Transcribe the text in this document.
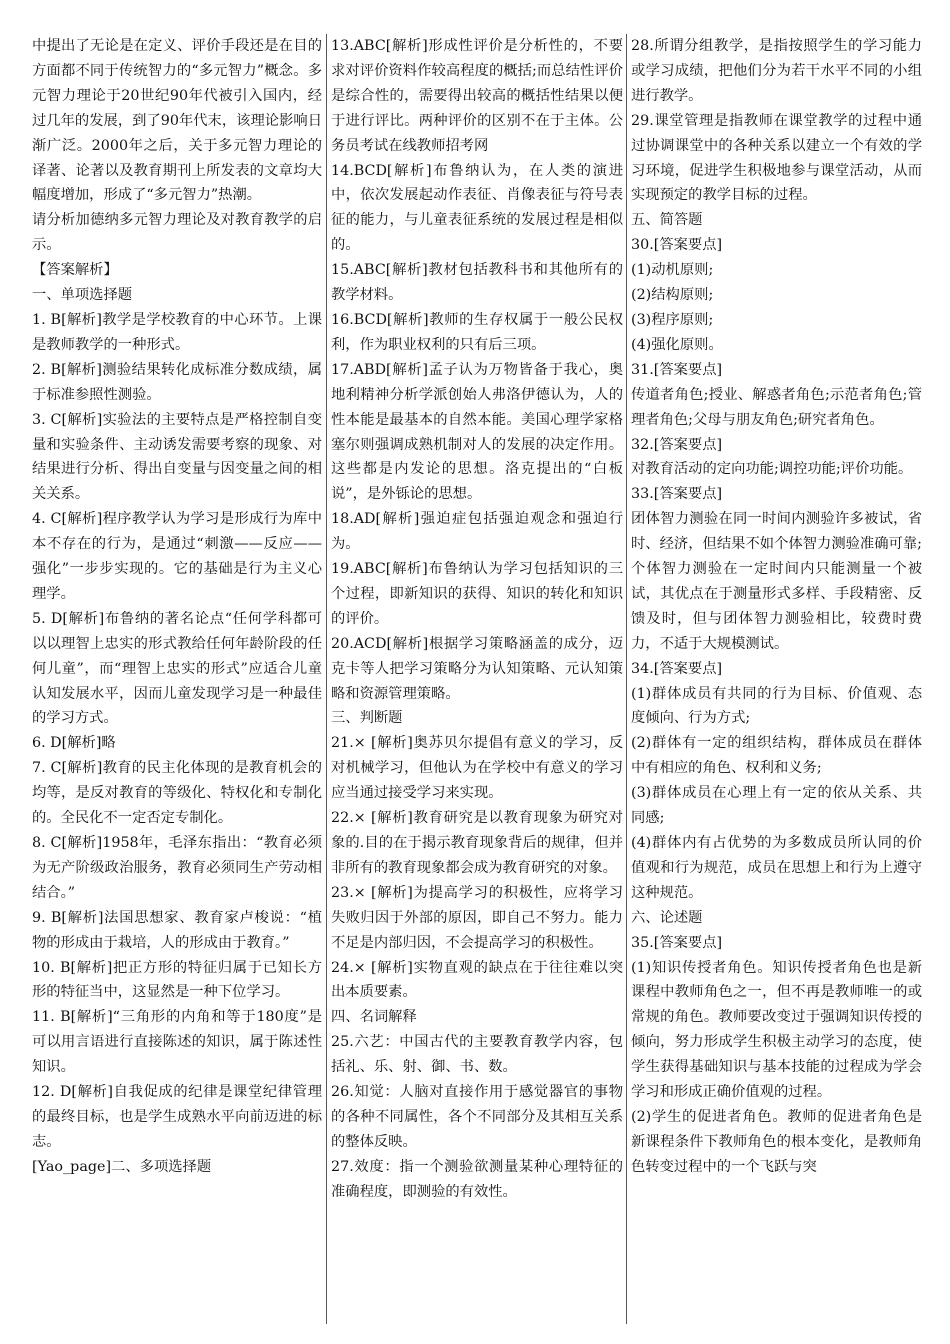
中提出了无论是在定义、评价手段还是在目的方面都不同于传统智力的“多元智力”概念。多元智力理论于20世纪90年代被引入国内，经过几年的发展，到了90年代末，该理论影响日渐广泛。2000年之后，关于多元智力理论的译著、论著以及教育期刊上所发表的文章均大幅度增加，形成了“多元智力”热潮。

请分析加德纳多元智力理论及对教育教学的启示。

【答案解析】

一、单项选择题

1. B[解析]教学是学校教育的中心环节。上课是教师教学的一种形式。

2. B[解析]测验结果转化成标准分数成绩，属于标准参照性测验。

3. C[解析]实验法的主要特点是严格控制自变量和实验条件、主动诱发需要考察的现象、对结果进行分析、得出自变量与因变量之间的相关关系。

4. C[解析]程序教学认为学习是形成行为库中本不存在的行为，是通过“刺激——反应——强化”一步步实现的。它的基础是行为主义心理学。

5. D[解析]布鲁纳的著名论点“任何学科都可以以理智上忠实的形式教给任何年龄阶段的任何儿童”，而“理智上忠实的形式”应适合儿童认知发展水平，因而儿童发现学习是一种最佳的学习方式。

6. D[解析]略

7. C[解析]教育的民主化体现的是教育机会的均等，是反对教育的等级化、特权化和专制化的。全民化不一定否定专制化。

8. C[解析]1958年，毛泽东指出：“教育必须为无产阶级政治服务，教育必须同生产劳动相结合。”

9. B[解析]法国思想家、教育家卢梭说：“植物的形成由于栽培，人的形成由于教育。”

10. B[解析]把正方形的特征归属于已知长方形的特征当中，这显然是一种下位学习。

11. B[解析]“三角形的内角和等于180度”是可以用言语进行直接陈述的知识，属于陈述性知识。

12. D[解析]自我促成的纪律是课堂纪律管理的最终目标，也是学生成熟水平向前迈进的标志。

[Yao_page]二、多项选择题

13.ABC[解析]形成性评价是分析性的，不要求对评价资料作较高程度的概括;而总结性评价是综合性的，需要得出较高的概括性结果以便于进行评比。两种评价的区别不在于主体。公务员考试在线教师招考网

14.BCD[解析]布鲁纳认为，在人类的演进中，依次发展起动作表征、肖像表征与符号表征的能力，与儿童表征系统的发展过程是相似的。

15.ABC[解析]教材包括教科书和其他所有的教学材料。

16.BCD[解析]教师的生存权属于一般公民权利，作为职业权利的只有后三项。

17.ABD[解析]孟子认为万物皆备于我心，奥地利精神分析学派创始人弗洛伊德认为，人的性本能是最基本的自然本能。美国心理学家格塞尔则强调成熟机制对人的发展的决定作用。这些都是内发论的思想。洛克提出的“白板说”，是外铄论的思想。

18.AD[解析]强迫症包括强迫观念和强迫行为。

19.ABC[解析]布鲁纳认为学习包括知识的三个过程，即新知识的获得、知识的转化和知识的评价。

20.ACD[解析]根据学习策略涵盖的成分，迈克卡等人把学习策略分为认知策略、元认知策略和资源管理策略。

三、判断题

21.× [解析]奥苏贝尔提倡有意义的学习，反对机械学习，但他认为在学校中有意义的学习应当通过接受学习来实现。

22.× [解析]教育研究是以教育现象为研究对象的.目的在于揭示教育现象背后的规律，但并非所有的教育现象都会成为教育研究的对象。

23.× [解析]为提高学习的积极性，应将学习失败归因于外部的原因，即自己不努力。能力不足是内部归因，不会提高学习的积极性。

24.× [解析]实物直观的缺点在于往往难以突出本质要素。

四、名词解释

25.六艺：中国古代的主要教育教学内容，包括礼、乐、射、御、书、数。

26.知觉：人脑对直接作用于感觉器官的事物的各种不同属性，各个不同部分及其相互关系的整体反映。

27.效度：指一个测验欲测量某种心理特征的准确程度，即测验的有效性。

28.所谓分组教学，是指按照学生的学习能力或学习成绩，把他们分为若干水平不同的小组进行教学。

29.课堂管理是指教师在课堂教学的过程中通过协调课堂中的各种关系以建立一个有效的学习环境，促进学生积极地参与课堂活动，从而实现预定的教学目标的过程。

五、简答题

30.[答案要点]

(1)动机原则;

(2)结构原则;

(3)程序原则;

(4)强化原则。

31.[答案要点]

传道者角色;授业、解惑者角色;示范者角色;管理者角色;父母与朋友角色;研究者角色。

32.[答案要点]

对教育活动的定向功能;调控功能;评价功能。

33.[答案要点]

团体智力测验在同一时间内测验许多被试，省时、经济，但结果不如个体智力测验准确可靠;个体智力测验在一定时间内只能测量一个被试，其优点在于测量形式多样、手段精密、反馈及时，但与团体智力测验相比，较费时费力，不适于大规模测试。

34.[答案要点]

(1)群体成员有共同的行为目标、价值观、态度倾向、行为方式;

(2)群体有一定的组织结构，群体成员在群体中有相应的角色、权利和义务;

(3)群体成员在心理上有一定的依从关系、共同感;

(4)群体内有占优势的为多数成员所认同的价值观和行为规范，成员在思想上和行为上遵守这种规范。

六、论述题

35.[答案要点]

(1)知识传授者角色。知识传授者角色也是新课程中教师角色之一，但不再是教师唯一的或常规的角色。教师要改变过于强调知识传授的倾向，努力形成学生积极主动学习的态度，使学生获得基础知识与基本技能的过程成为学会学习和形成正确价值观的过程。

(2)学生的促进者角色。教师的促进者角色是新课程条件下教师角色的根本变化，是教师角色转变过程中的一个飞跃与突
